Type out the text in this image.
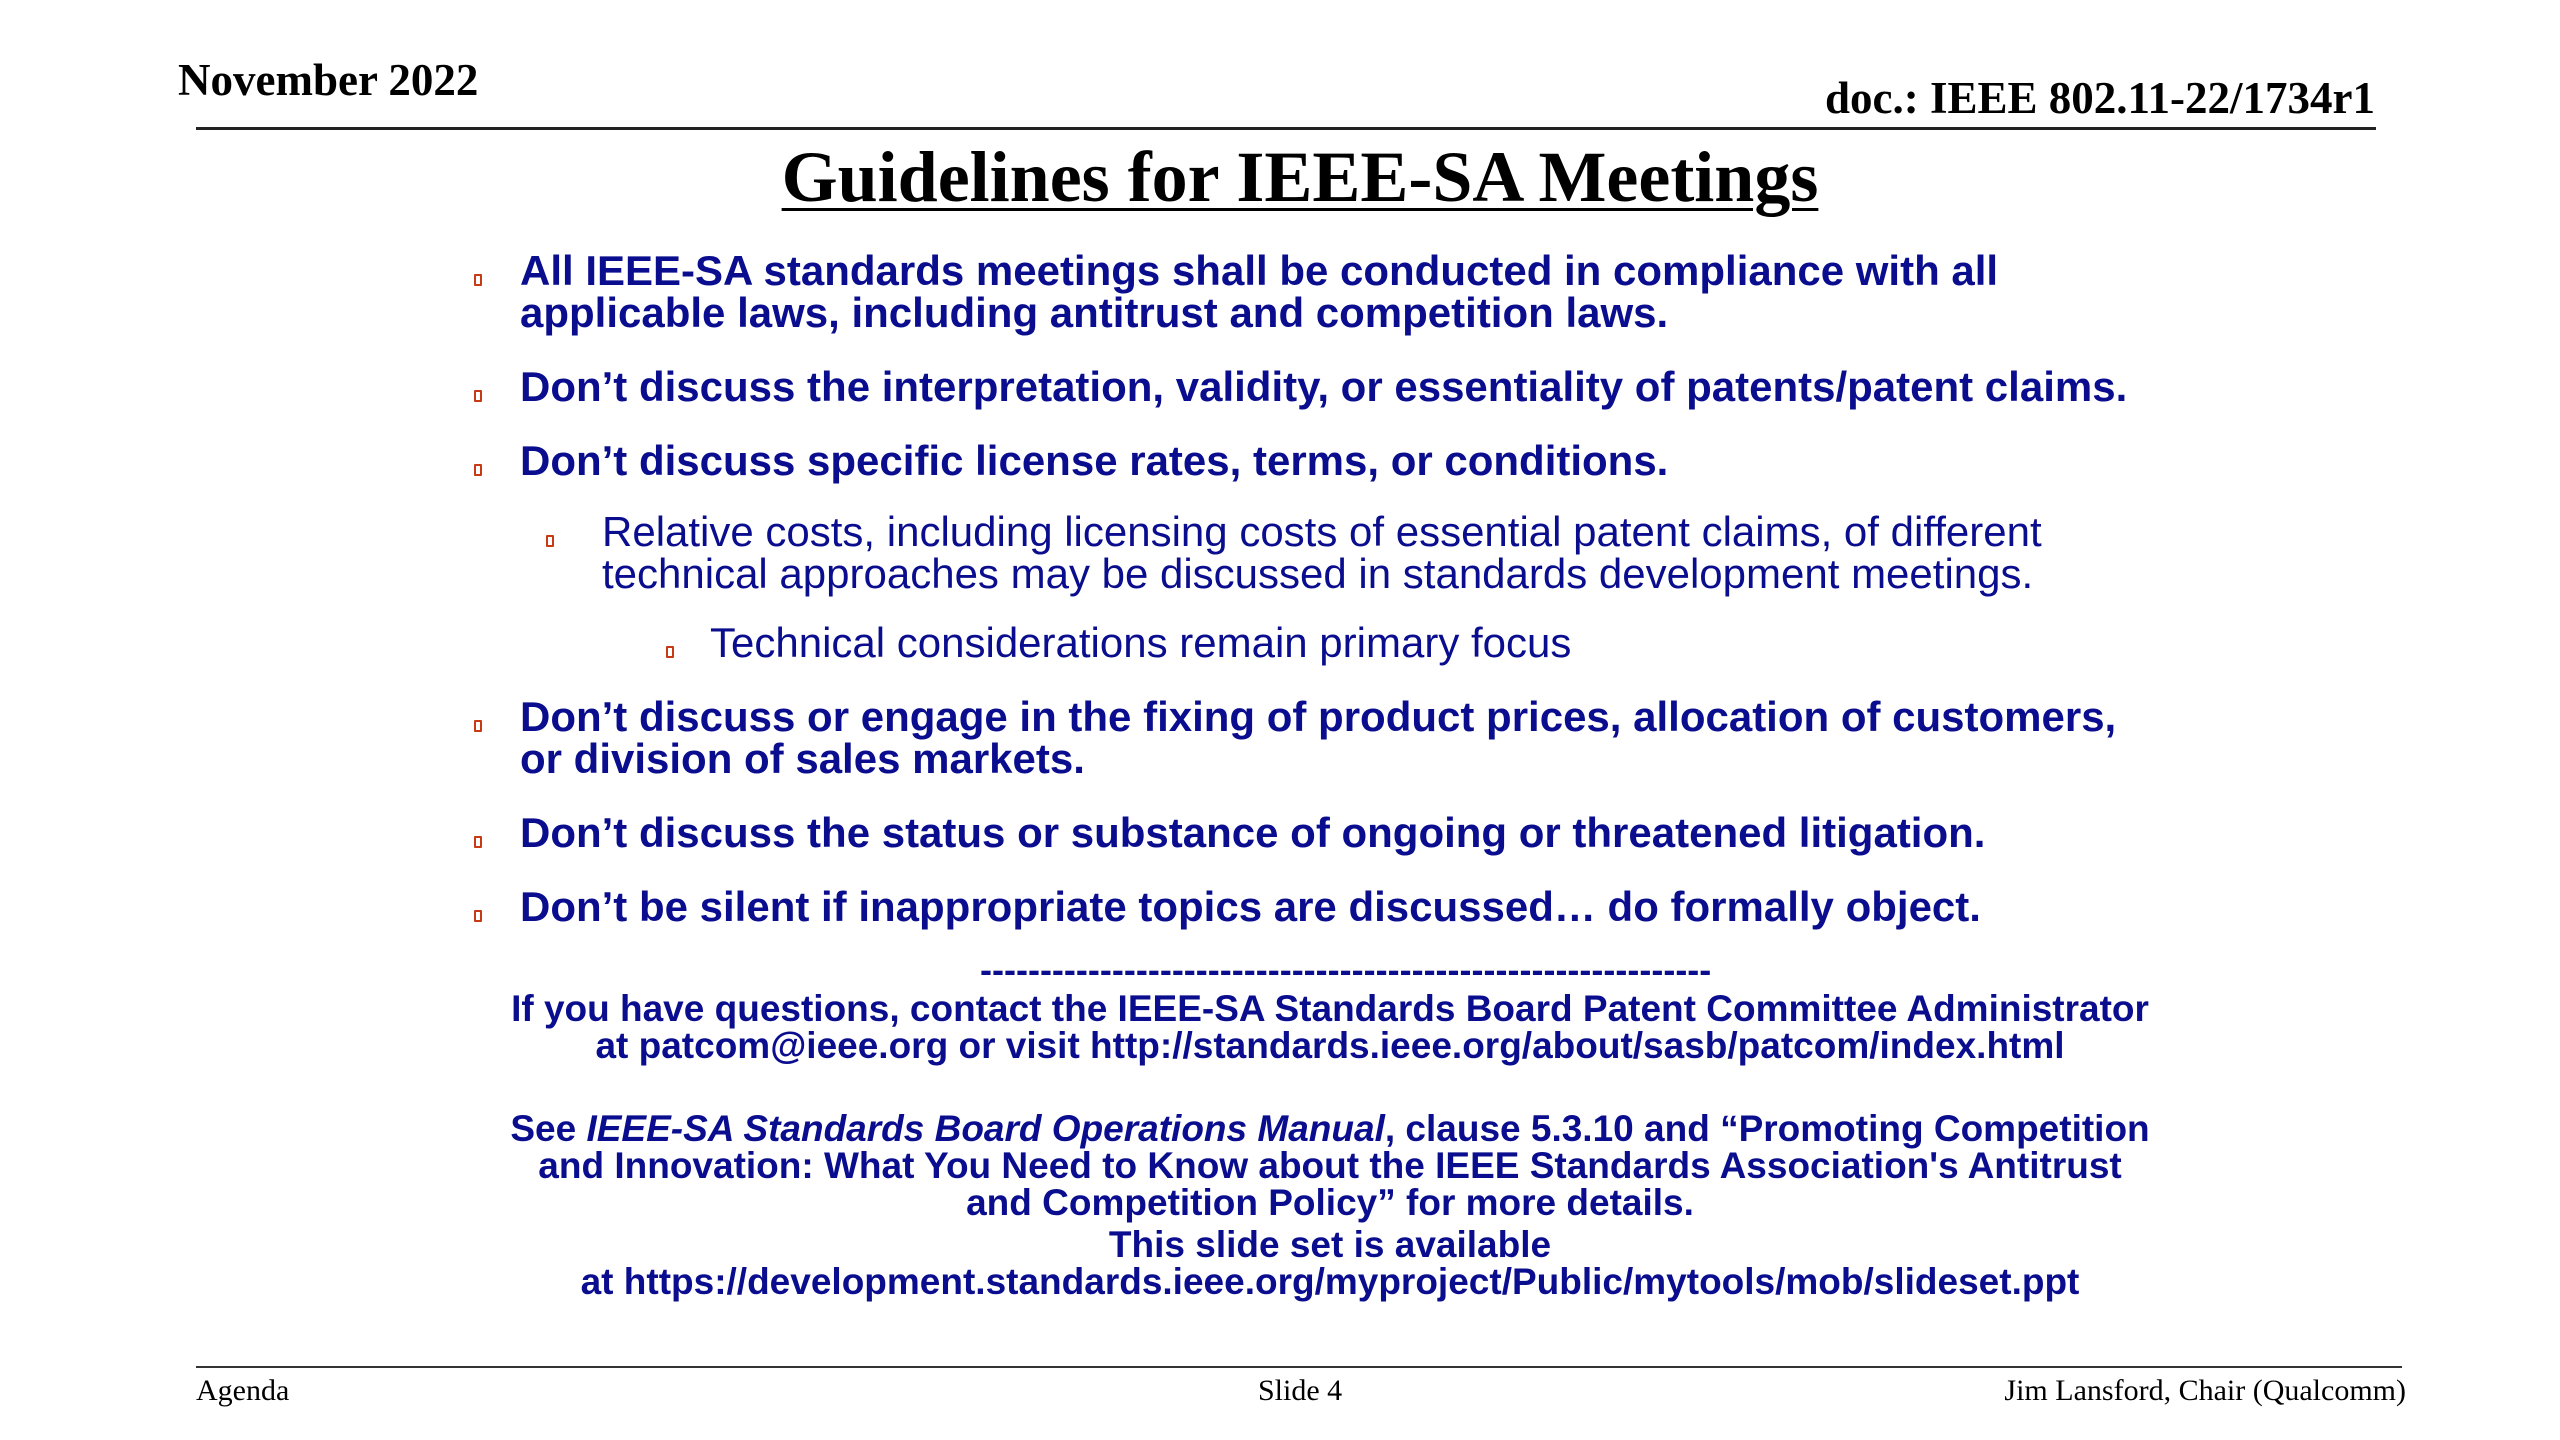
November 2022	doc.: IEEE 802.11-22/1734r1
Guidelines for IEEE-SA Meetings
All IEEE-SA standards meetings shall be conducted in compliance with all
applicable laws, including antitrust and competition laws.
Don’t discuss the interpretation, validity, or essentiality of patents/patent claims.
Don’t discuss specific license rates, terms, or conditions.
Relative costs, including licensing costs of essential patent claims, of different
technical approaches may be discussed in standards development meetings.
Technical considerations remain primary focus
Don’t discuss or engage in the fixing of product prices, allocation of customers,
or division of sales markets.
Don’t discuss the status or substance of ongoing or threatened litigation.
Don’t be silent if inappropriate topics are discussed… do formally object.
-------------------------------------------------------------
If you have questions, contact the IEEE-SA Standards Board Patent Committee Administrator
at patcom@ieee.org or visit http://standards.ieee.org/about/sasb/patcom/index.html
See IEEE-SA Standards Board Operations Manual, clause 5.3.10 and “Promoting Competition
and Innovation: What You Need to Know about the IEEE Standards Association's Antitrust
and Competition Policy” for more details.
This slide set is available
at https://development.standards.ieee.org/myproject/Public/mytools/mob/slideset.ppt
Agenda	Slide 4	Jim Lansford, Chair (Qualcomm)
